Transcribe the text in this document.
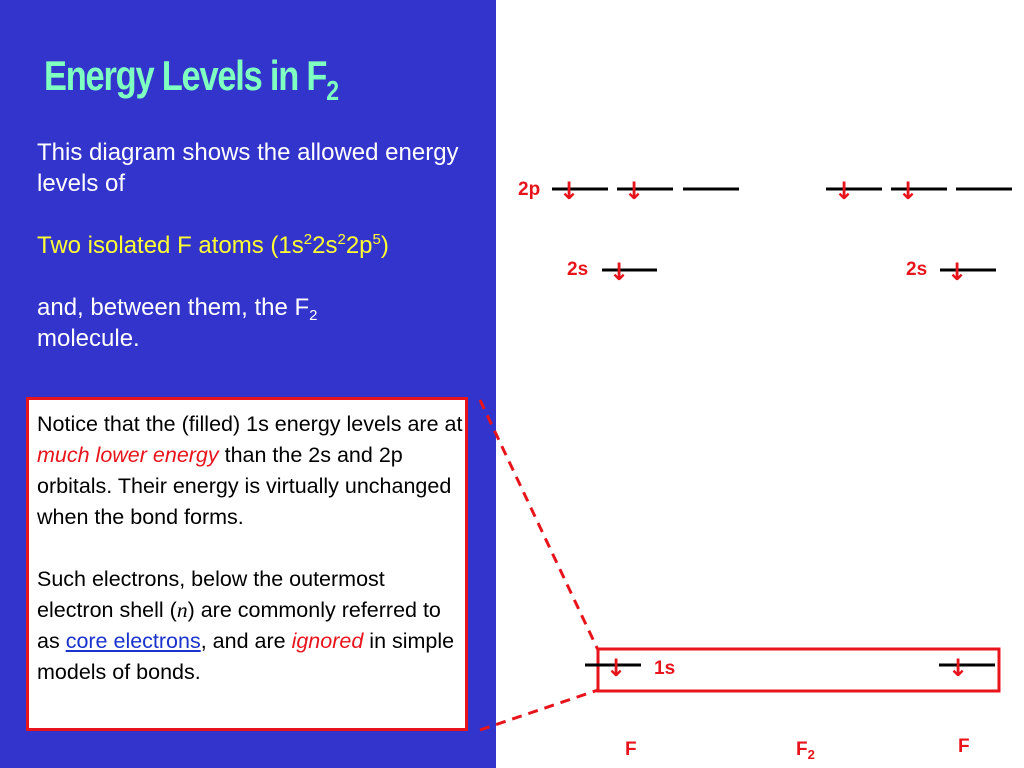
Energy Levels in $F_2$

This diagram shows the allowed energy levels of

Two isolated F atoms $(1s^22s^22p^5)$

and, between them, the $F_2$
molecule.

Notice that the (filled) 1s energy levels are at much lower energy than the 2s and 2p orbitals. Their energy is virtually unchanged when the bond forms.

Such electrons, below the outermost electron shell (n) are commonly referred to as core electrons, and are ignored in simple models of bonds.

↓ ↓	↓ ↓
↓	↓
↓	↓
2p
2s	2s
1s
F	$F_2$	F
